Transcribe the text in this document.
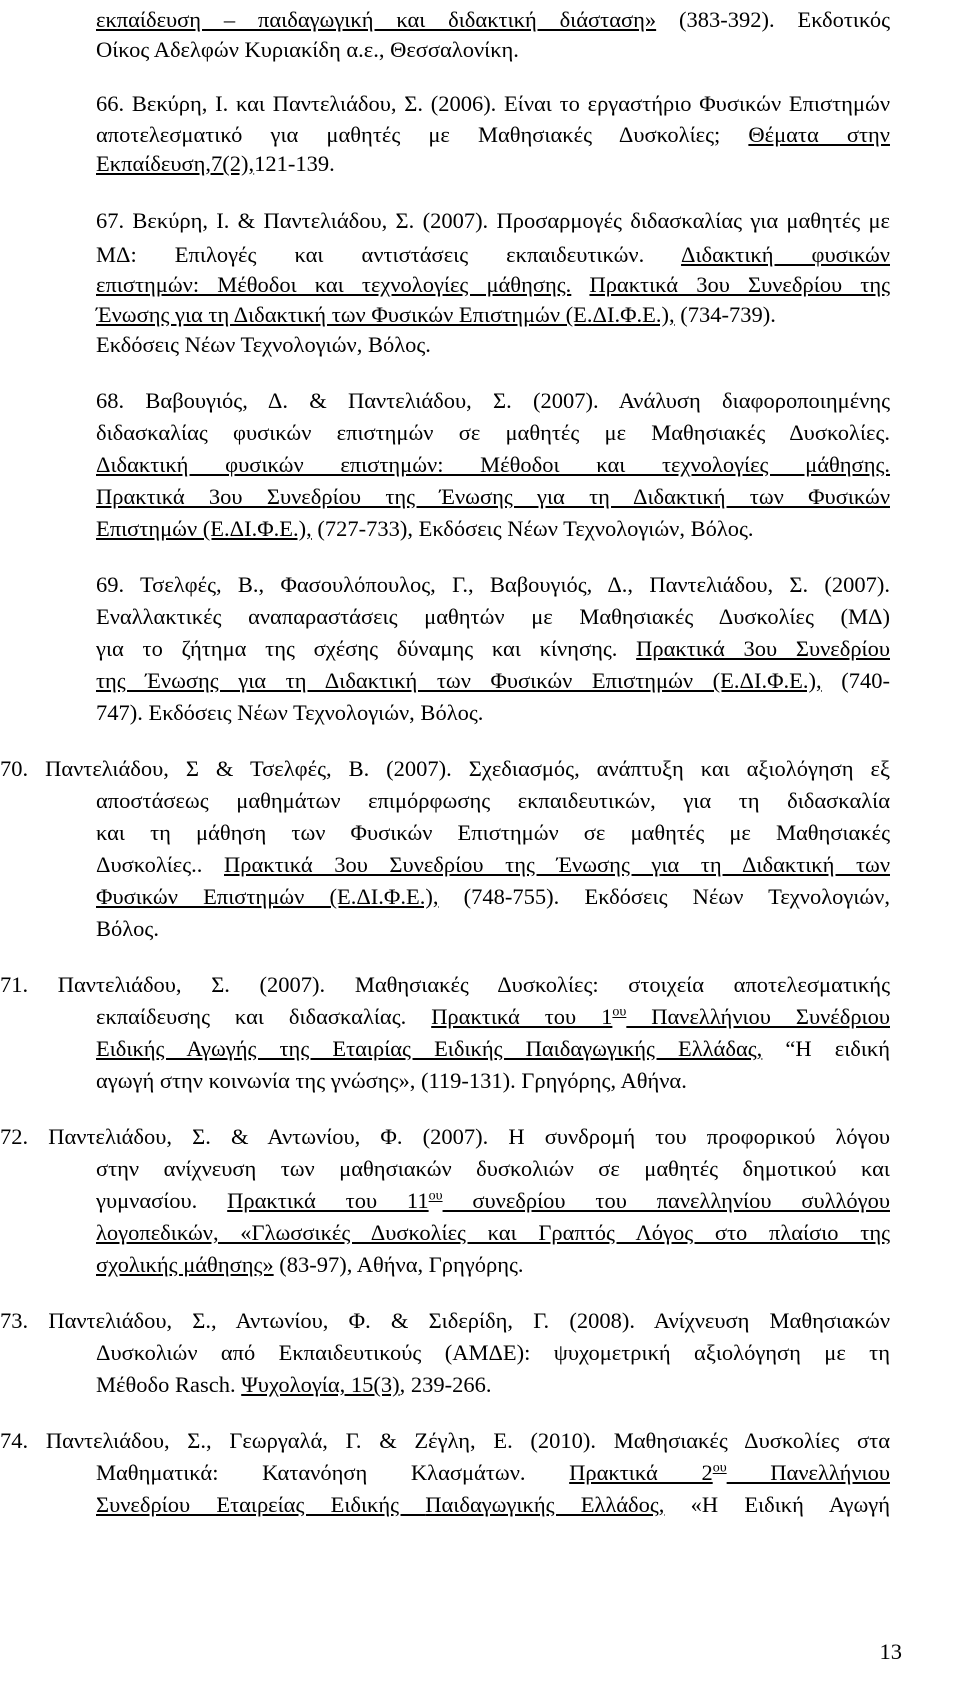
εκπαίδευση – παιδαγωγική και διδακτική διάσταση» (383-392). Εκδοτικός
Οίκος Αδελφών Κυριακίδη α.ε., Θεσσαλονίκη.
66. Βεκύρη, Ι. και Παντελιάδου, Σ. (2006). Είναι το εργαστήριο Φυσικών Επιστημών
αποτελεσματικό για μαθητές με Μαθησιακές Δυσκολίες; Θέματα στην
Εκπαίδευση,7(2),121-139.
67. Βεκύρη, Ι. & Παντελιάδου, Σ. (2007). Προσαρμογές διδασκαλίας για μαθητές με
ΜΔ: Επιλογές και αντιστάσεις εκπαιδευτικών. Διδακτική φυσικών
επιστημών: Μέθοδοι και τεχνολογίες μάθησης. Πρακτικά 3ου Συνεδρίου της
Ένωσης για τη Διδακτική των Φυσικών Επιστημών (Ε.ΔΙ.Φ.Ε.), (734-739).
Εκδόσεις Νέων Τεχνολογιών, Βόλος.
68. Βαβουγιός, Δ. & Παντελιάδου, Σ. (2007). Ανάλυση διαφοροποιημένης
διδασκαλίας φυσικών επιστημών σε μαθητές με Μαθησιακές Δυσκολίες.
Διδακτική φυσικών επιστημών: Μέθοδοι και τεχνολογίες μάθησης.
Πρακτικά 3ου Συνεδρίου της Ένωσης για τη Διδακτική των Φυσικών
Επιστημών (Ε.ΔΙ.Φ.Ε.), (727-733), Εκδόσεις Νέων Τεχνολογιών, Βόλος.
69. Τσελφές, Β., Φασουλόπουλος, Γ., Βαβουγιός, Δ., Παντελιάδου, Σ. (2007).
Εναλλακτικές αναπαραστάσεις μαθητών με Μαθησιακές Δυσκολίες (ΜΔ)
για το ζήτημα της σχέσης δύναμης και κίνησης. Πρακτικά 3ου Συνεδρίου
της Ένωσης για τη Διδακτική των Φυσικών Επιστημών (Ε.ΔΙ.Φ.Ε.), (740-
747). Εκδόσεις Νέων Τεχνολογιών, Βόλος.
70. Παντελιάδου, Σ & Τσελφές, Β. (2007). Σχεδιασμός, ανάπτυξη και αξιολόγηση εξ
αποστάσεως μαθημάτων επιμόρφωσης εκπαιδευτικών, για τη διδασκαλία
και τη μάθηση των Φυσικών Επιστημών σε μαθητές με Μαθησιακές
Δυσκολίες.. Πρακτικά 3ου Συνεδρίου της Ένωσης για τη Διδακτική των
Φυσικών Επιστημών (Ε.ΔΙ.Φ.Ε.), (748-755). Εκδόσεις Νέων Τεχνολογιών,
Βόλος.
71. Παντελιάδου, Σ. (2007). Μαθησιακές Δυσκολίες: στοιχεία αποτελεσματικής
εκπαίδευσης και διδασκαλίας. Πρακτικά του $1^{o\upsilon}$ Πανελλήνιου Συνέδριου
Ειδικής Αγωγής της Εταιρίας Ειδικής Παιδαγωγικής Ελλάδας, “Η ειδική
αγωγή στην κοινωνία της γνώσης», (119-131). Γρηγόρης, Αθήνα.
72. Παντελιάδου, Σ. & Αντωνίου, Φ. (2007). Η συνδρομή του προφορικού λόγου
στην ανίχνευση των μαθησιακών δυσκολιών σε μαθητές δημοτικού και
γυμνασίου. Πρακτικά του $11^{o\upsilon}$ συνεδρίου του πανελληνίου συλλόγου
λογοπεδικών, «Γλωσσικές Δυσκολίες και Γραπτός Λόγος στο πλαίσιο της
σχολικής μάθησης» (83-97), Αθήνα, Γρηγόρης.
73. Παντελιάδου, Σ., Αντωνίου, Φ. & Σιδερίδη, Γ. (2008). Ανίχνευση Μαθησιακών
Δυσκολιών από Εκπαιδευτικούς (ΑΜΔΕ): ψυχομετρική αξιολόγηση με τη
Μέθοδο Rasch. Ψυχολογία, 15(3), 239-266.
74. Παντελιάδου, Σ., Γεωργαλά, Γ. & Ζέγλη, Ε. (2010). Μαθησιακές Δυσκολίες στα
Μαθηματικά: Κατανόηση Κλασμάτων. Πρακτικά $2^{o\upsilon}$ Πανελλήνιου
Συνεδρίου Εταιρείας Ειδικής Παιδαγωγικής Ελλάδος, «Η Ειδική Αγωγή
13
